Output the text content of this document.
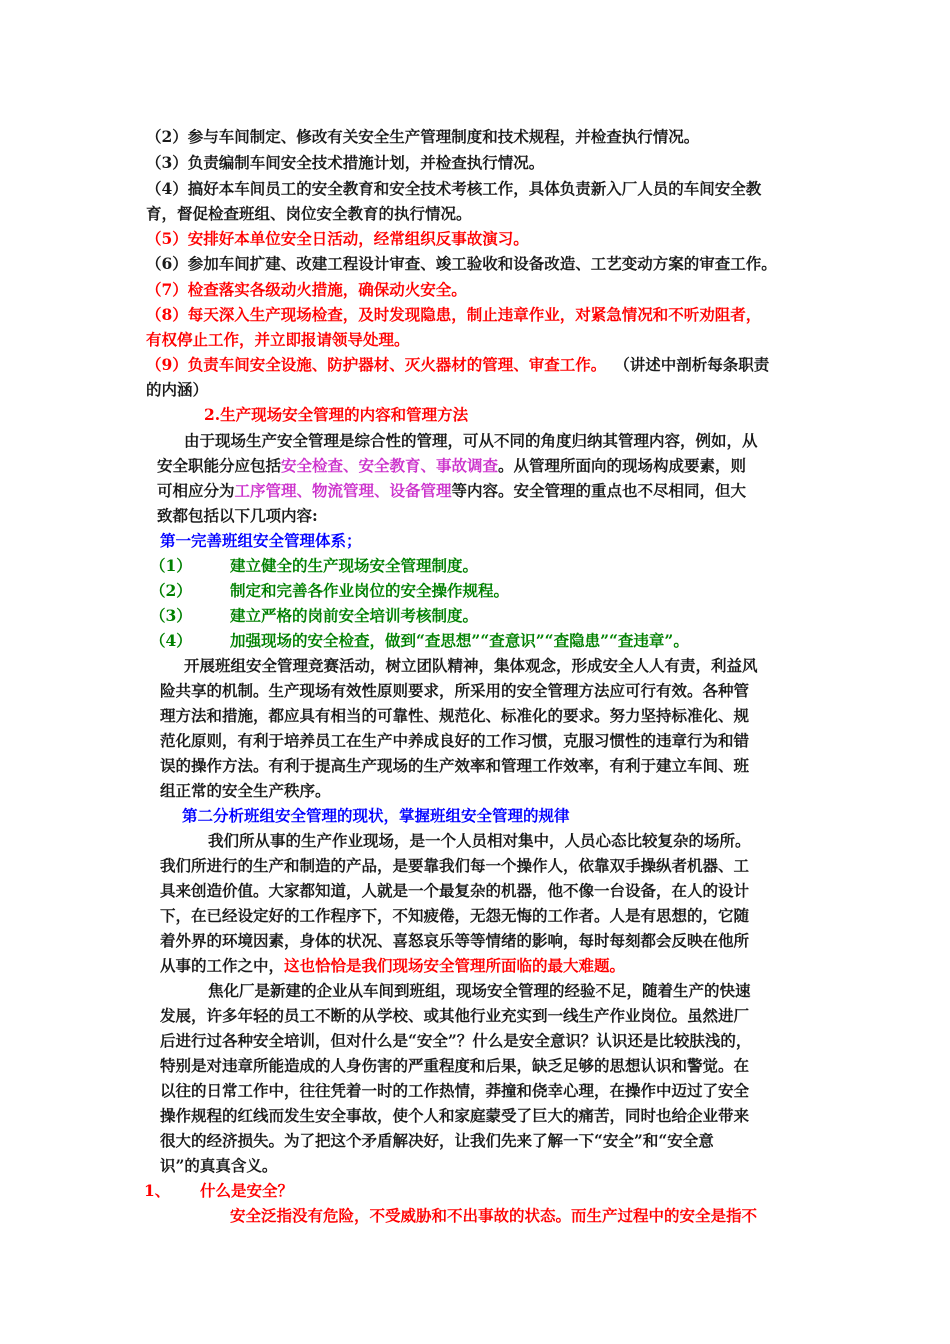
（2）参与车间制定、修改有关安全生产管理制度和技术规程，并检查执行情况。
（3）负责编制车间安全技术措施计划，并检查执行情况。
（4）搞好本车间员工的安全教育和安全技术考核工作，具体负责新入厂人员的车间安全教
育，督促检查班组、岗位安全教育的执行情况。
（5）安排好本单位安全日活动，经常组织反事故演习。
（6）参加车间扩建、改建工程设计审查、竣工验收和设备改造、工艺变动方案的审查工作。
（7）检查落实各级动火措施，确保动火安全。
（8）每天深入生产现场检查，及时发现隐患，制止违章作业，对紧急情况和不听劝阻者，
有权停止工作，并立即报请领导处理。
（9）负责车间安全设施、防护器材、灭火器材的管理、审查工作。 （讲述中剖析每条职责
的内涵）
2.生产现场安全管理的内容和管理方法
由于现场生产安全管理是综合性的管理，可从不同的角度归纳其管理内容，例如，从
安全职能分应包括安全检查、安全教育、事故调查。从管理所面向的现场构成要素，则
可相应分为工序管理、物流管理、设备管理等内容。安全管理的重点也不尽相同，但大
致都包括以下几项内容:
第一完善班组安全管理体系；
（1） 建立健全的生产现场安全管理制度。
（2） 制定和完善各作业岗位的安全操作规程。
（3） 建立严格的岗前安全培训考核制度。
（4） 加强现场的安全检查，做到“查思想”“查意识”“查隐患”“查违章”。
开展班组安全管理竞赛活动，树立团队精神，集体观念，形成安全人人有责，利益风
险共享的机制。生产现场有效性原则要求，所采用的安全管理方法应可行有效。各种管
理方法和措施，都应具有相当的可靠性、规范化、标准化的要求。努力坚持标准化、规
范化原则，有利于培养员工在生产中养成良好的工作习惯，克服习惯性的违章行为和错
误的操作方法。有利于提高生产现场的生产效率和管理工作效率，有利于建立车间、班
组正常的安全生产秩序。
第二分析班组安全管理的现状，掌握班组安全管理的规律
我们所从事的生产作业现场，是一个人员相对集中，人员心态比较复杂的场所。
我们所进行的生产和制造的产品，是要靠我们每一个操作人，依靠双手操纵者机器、工
具来创造价值。大家都知道，人就是一个最复杂的机器，他不像一台设备，在人的设计
下，在已经设定好的工作程序下，不知疲倦，无怨无悔的工作者。人是有思想的，它随
着外界的环境因素，身体的状况、喜怒哀乐等等情绪的影响，每时每刻都会反映在他所
从事的工作之中，这也恰恰是我们现场安全管理所面临的最大难题。
焦化厂是新建的企业从车间到班组，现场安全管理的经验不足，随着生产的快速
发展，许多年轻的员工不断的从学校、或其他行业充实到一线生产作业岗位。虽然进厂
后进行过各种安全培训，但对什么是“安全”？什么是安全意识？认识还是比较肤浅的，
特别是对违章所能造成的人身伤害的严重程度和后果，缺乏足够的思想认识和警觉。在
以往的日常工作中，往往凭着一时的工作热情，莽撞和侥幸心理，在操作中迈过了安全
操作规程的红线而发生安全事故，使个人和家庭蒙受了巨大的痛苦，同时也给企业带来
很大的经济损失。为了把这个矛盾解决好，让我们先来了解一下“安全”和“安全意
识”的真真含义。
1、 什么是安全？
安全泛指没有危险，不受威胁和不出事故的状态。而生产过程中的安全是指不
